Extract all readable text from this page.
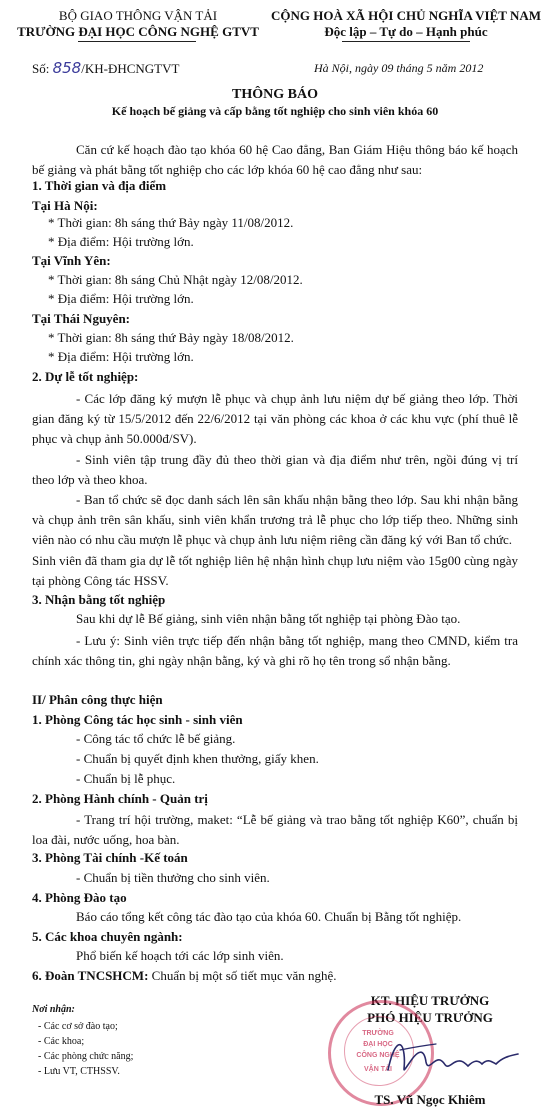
BỘ GIAO THÔNG VẬN TẢI
TRƯỜNG ĐẠI HỌC CÔNG NGHỆ GTVT
CỘNG HOÀ XÃ HỘI CHỦ NGHĨA VIỆT NAM
Độc lập – Tự do – Hạnh phúc
Số: 858/KH-ĐHCNGTVT	Hà Nội, ngày 09 tháng 5 năm 2012
THÔNG BÁO
Kế hoạch bế giảng và cấp bằng tốt nghiệp cho sinh viên khóa 60
Căn cứ kế hoạch đào tạo khóa 60 hệ Cao đẳng, Ban Giám Hiệu thông báo kế hoạch bế giảng và phát bằng tốt nghiệp cho các lớp khóa 60 hệ cao đẳng như sau:
1. Thời gian và địa điểm
Tại Hà Nội:
* Thời gian: 8h sáng thứ Bảy ngày 11/08/2012.
* Địa điểm: Hội trường lớn.
Tại Vĩnh Yên:
* Thời gian: 8h sáng Chủ Nhật ngày 12/08/2012.
* Địa điểm: Hội trường lớn.
Tại Thái Nguyên:
* Thời gian: 8h sáng thứ Bảy ngày 18/08/2012.
* Địa điểm: Hội trường lớn.
2. Dự lễ tốt nghiệp:
- Các lớp đăng ký mượn lễ phục và chụp ảnh lưu niệm dự bế giảng theo lớp. Thời gian đăng ký từ 15/5/2012 đến 22/6/2012 tại văn phòng các khoa ở các khu vực (phí thuê lễ phục và chụp ảnh 50.000đ/SV).
- Sinh viên tập trung đầy đủ theo thời gian và địa điểm như trên, ngồi đúng vị trí theo lớp và theo khoa.
- Ban tổ chức sẽ đọc danh sách lên sân khấu nhận bằng theo lớp. Sau khi nhận bằng và chụp ảnh trên sân khấu, sinh viên khẩn trương trả lễ phục cho lớp tiếp theo. Những sinh viên nào có nhu cầu mượn lễ phục và chụp ảnh lưu niệm riêng cần đăng ký với Ban tổ chức.
Sinh viên đã tham gia dự lễ tốt nghiệp liên hệ nhận hình chụp lưu niệm vào 15g00 cùng ngày tại phòng Công tác HSSV.
3. Nhận bằng tốt nghiệp
Sau khi dự lễ Bế giảng, sinh viên nhận bằng tốt nghiệp tại phòng Đào tạo.
- Lưu ý: Sinh viên trực tiếp đến nhận bằng tốt nghiệp, mang theo CMND, kiểm tra chính xác thông tin, ghi ngày nhận bằng, ký và ghi rõ họ tên trong sổ nhận bằng.
II/ Phân công thực hiện
1. Phòng Công tác học sinh - sinh viên
- Công tác tổ chức lễ bế giảng.
- Chuẩn bị quyết định khen thưởng, giấy khen.
- Chuẩn bị lễ phục.
2. Phòng Hành chính - Quản trị
- Trang trí hội trường, maket: “Lễ bế giảng và trao bằng tốt nghiệp K60”, chuẩn bị loa đài, nước uống, hoa bàn.
3. Phòng Tài chính -Kế toán
- Chuẩn bị tiền thưởng cho sinh viên.
4. Phòng Đào tạo
Báo cáo tổng kết công tác đào tạo của khóa 60. Chuẩn bị Bằng tốt nghiệp.
5. Các khoa chuyên ngành:
Phổ biến kế hoạch tới các lớp sinh viên.
6. Đoàn TNCSHCM: Chuẩn bị một số tiết mục văn nghệ.
Nơi nhận:
- Các cơ sở đào tạo;
- Các khoa;
- Các phòng chức năng;
- Lưu VT, CTHSSV.
KT. HIỆU TRƯỞNG
PHÓ HIỆU TRƯỞNG
TRƯỜNG
ĐẠI HỌC
CÔNG NGHỆ
VẬN TẢI
TS. Vũ Ngọc Khiêm
